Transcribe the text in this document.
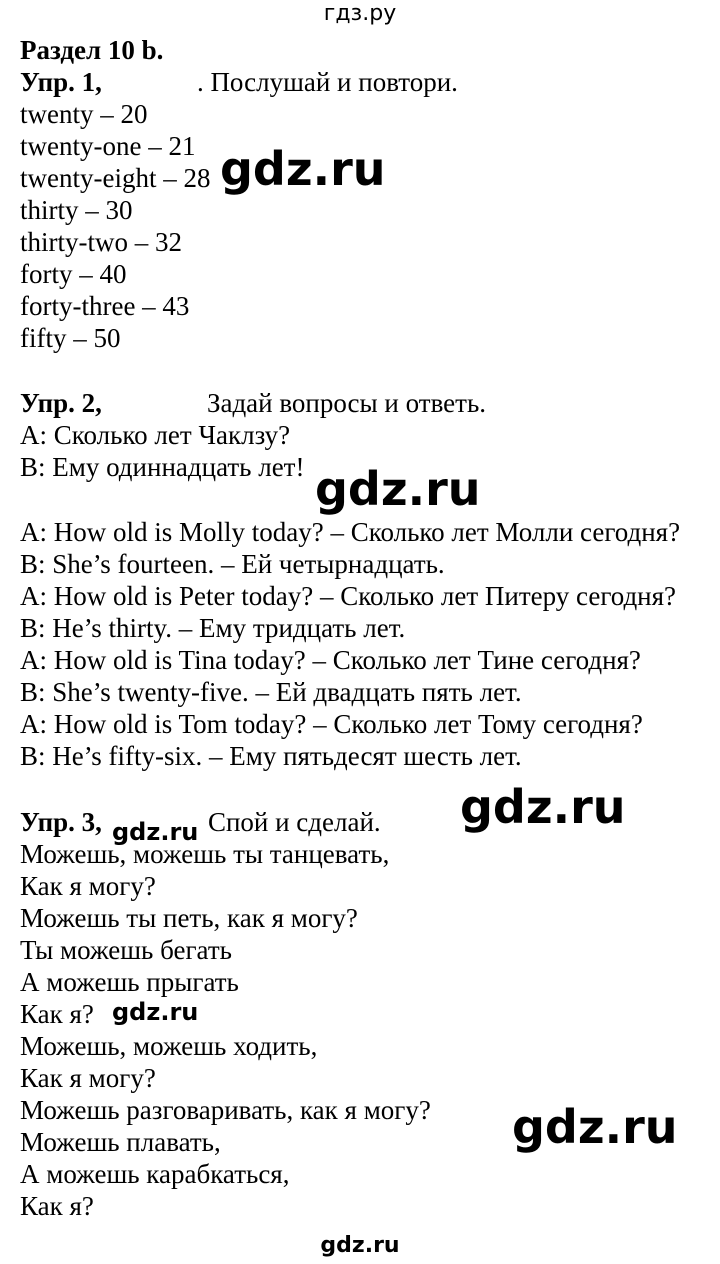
гдз.ру
Раздел 10 b.
Упр. 1,	. Послушай и повтори.
twenty – 20
twenty-one – 21
twenty-eight – 28
thirty – 30
thirty-two – 32
forty – 40
forty-three – 43
fifty – 50
Упр. 2,	Задай вопросы и ответь.
A: Сколько лет Чаклзу?
B: Ему одиннадцать лет!
A: How old is Molly today? – Сколько лет Молли сегодня?
B: She’s fourteen. – Ей четырнадцать.
A: How old is Peter today? – Сколько лет Питеру сегодня?
B: He’s thirty. – Ему тридцать лет.
A: How old is Tina today? – Сколько лет Тине сегодня?
B: She’s twenty-five. – Ей двадцать пять лет.
A: How old is Tom today? – Сколько лет Тому сегодня?
B: He’s fifty-six. – Ему пятьдесят шесть лет.
Упр. 3,	Спой и сделай.
Можешь, можешь ты танцевать,
Как я могу?
Можешь ты петь, как я могу?
Ты можешь бегать
А можешь прыгать
Как я?
Можешь, можешь ходить,
Как я могу?
Можешь разговаривать, как я могу?
Можешь плавать,
А можешь карабкаться,
Как я?
gdz.ru
gdz.ru
gdz.ru
gdz.ru
gdz.ru
gdz.ru
gdz.ru
